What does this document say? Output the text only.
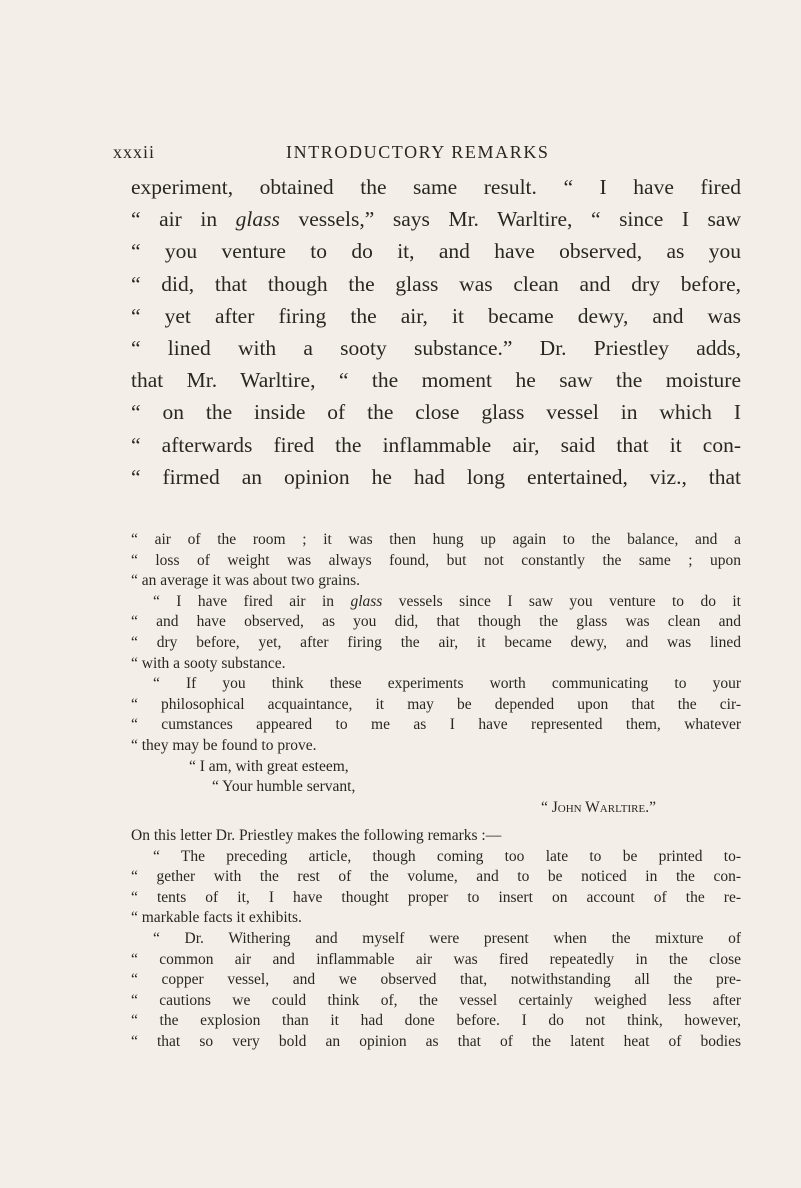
xxxii	INTRODUCTORY REMARKS
experiment, obtained the same result. “ I have fired
“ air in glass vessels,” says Mr. Warltire, “ since I saw
“ you venture to do it, and have observed, as you
“ did, that though the glass was clean and dry before,
“ yet after firing the air, it became dewy, and was
“ lined with a sooty substance.” Dr. Priestley adds,
that Mr. Warltire, “ the moment he saw the moisture
“ on the inside of the close glass vessel in which I
“ afterwards fired the inflammable air, said that it con-
“ firmed an opinion he had long entertained, viz., that
“ air of the room ; it was then hung up again to the balance, and a
“ loss of weight was always found, but not constantly the same ; upon
“ an average it was about two grains.
“ I have fired air in glass vessels since I saw you venture to do it
“ and have observed, as you did, that though the glass was clean and
“ dry before, yet, after firing the air, it became dewy, and was lined
“ with a sooty substance.
“ If you think these experiments worth communicating to your
“ philosophical acquaintance, it may be depended upon that the cir-
“ cumstances appeared to me as I have represented them, whatever
“ they may be found to prove.
“ I am, with great esteem,
“ Your humble servant,
“ John Warltire.”
On this letter Dr. Priestley makes the following remarks :—
“ The preceding article, though coming too late to be printed to-
“ gether with the rest of the volume, and to be noticed in the con-
“ tents of it, I have thought proper to insert on account of the re-
“ markable facts it exhibits.
“ Dr. Withering and myself were present when the mixture of
“ common air and inflammable air was fired repeatedly in the close
“ copper vessel, and we observed that, notwithstanding all the pre-
“ cautions we could think of, the vessel certainly weighed less after
“ the explosion than it had done before. I do not think, however,
“ that so very bold an opinion as that of the latent heat of bodies
